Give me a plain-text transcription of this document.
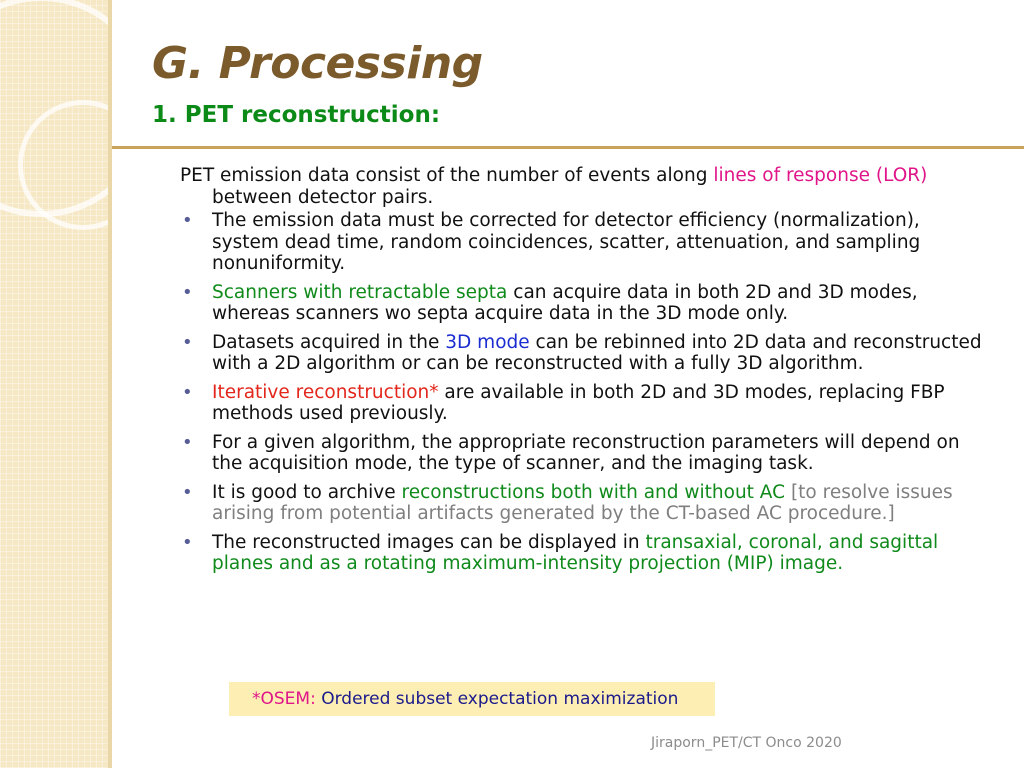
G. Processing
1. PET reconstruction:

PET emission data consist of the number of events along lines of response (LOR) between detector pairs.

• The emission data must be corrected for detector efficiency (normalization), system dead time, random coincidences, scatter, attenuation, and sampling nonuniformity.
• Scanners with retractable septa can acquire data in both 2D and 3D modes, whereas scanners wo septa acquire data in the 3D mode only.
• Datasets acquired in the 3D mode can be rebinned into 2D data and reconstructed with a 2D algorithm or can be reconstructed with a fully 3D algorithm.
• Iterative reconstruction* are available in both 2D and 3D modes, replacing FBP methods used previously.
• For a given algorithm, the appropriate reconstruction parameters will depend on the acquisition mode, the type of scanner, and the imaging task.
• It is good to archive reconstructions both with and without AC [to resolve issues arising from potential artifacts generated by the CT-based AC procedure.]
• The reconstructed images can be displayed in transaxial, coronal, and sagittal planes and as a rotating maximum-intensity projection (MIP) image.
*OSEM: Ordered subset expectation maximization
Jiraporn_PET/CT Onco 2020
